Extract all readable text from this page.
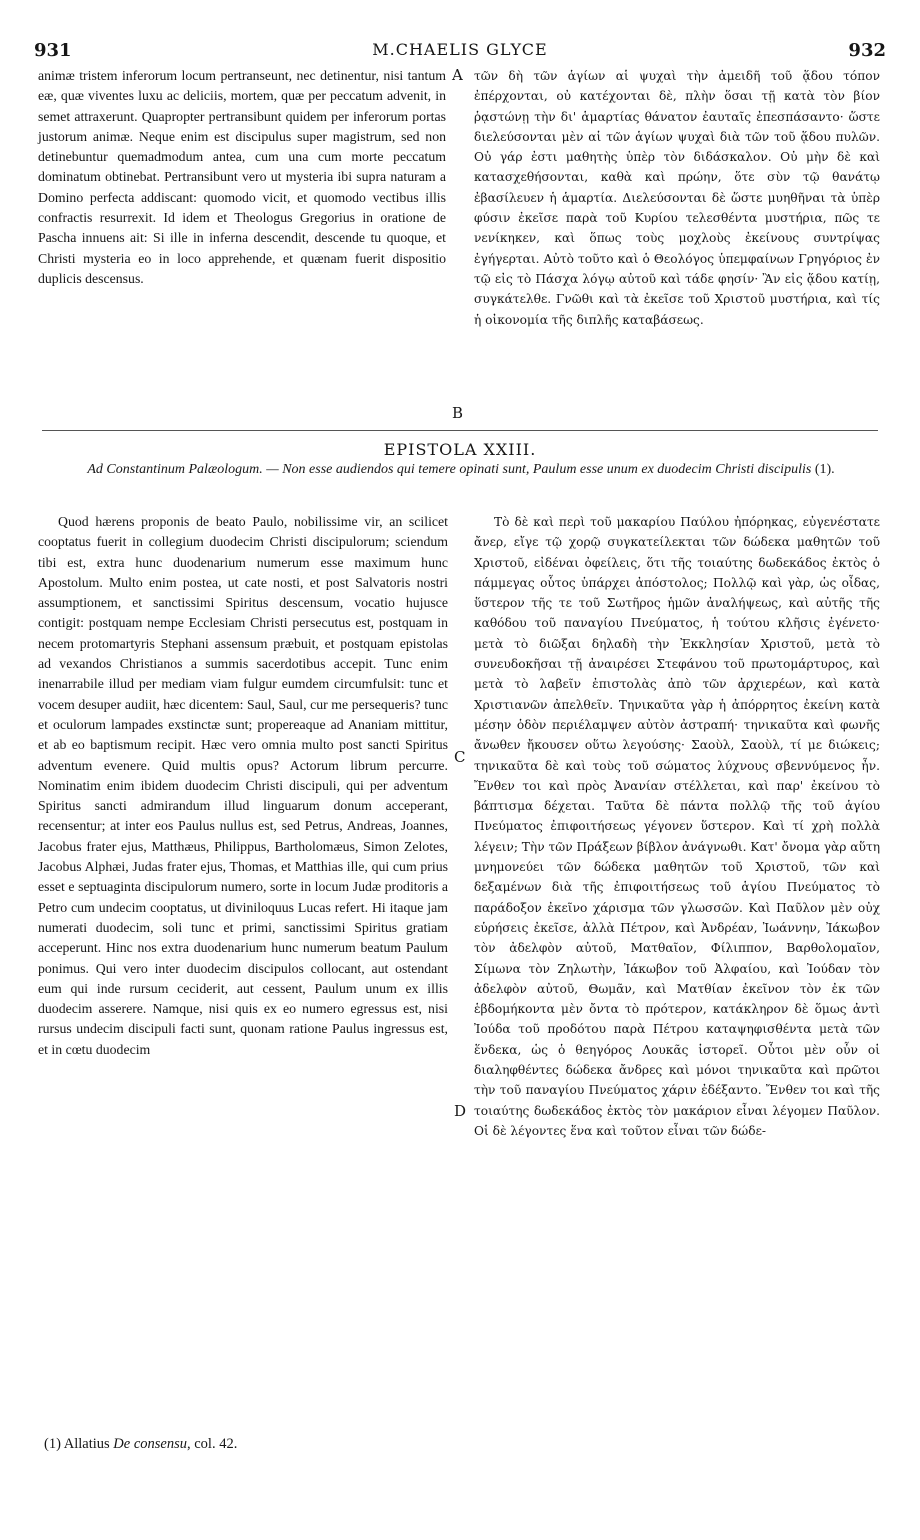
931	M.CHAELIS GLYCE	932

animæ tristem inferorum locum pertranseunt, nec detinentur, nisi tantum eæ, quæ viventes luxu ac deliciis, mortem, quæ per peccatum advenit, in semet attraxerunt. Quapropter pertransibunt quidem per inferorum portas justorum animæ. Neque enim est discipulus super magistrum, sed non detinebuntur quemadmodum antea, cum una cum morte peccatum dominatum obtinebat. Pertransibunt vero ut mysteria ibi supra naturam a Domino perfecta addiscant: quomodo vicit, et quomodo vectibus illis confractis resurrexit. Id idem et Theologus Gregorius in oratione de Pascha innuens ait: Si ille in inferna descendit, descende tu quoque, et Christi mysteria eo in loco apprehende, et quænam fuerit dispositio duplicis descensus.

A τῶν δὴ τῶν ἁγίων αἱ ψυχαὶ τὴν ἀμειδῆ τοῦ ᾅδου τόπον ἐπέρχονται, οὐ κατέχονται δὲ, πλὴν ὅσαι τῇ κατὰ τὸν βίον ῥᾳστώνῃ τὴν δι' ἁμαρτίας θάνατον ἐαυταῖς ἐπεσπάσαντο· ὥστε διελεύσονται μὲν αἱ τῶν ἁγίων ψυχαὶ διὰ τῶν τοῦ ᾅδου πυλῶν. Οὐ γάρ ἐστι μαθητὴς ὑπὲρ τὸν διδάσκαλον. Οὐ μὴν δὲ καὶ κατασχεθήσονται, καθὰ καὶ πρώην, ὅτε σὺν τῷ θανάτῳ ἐβασίλευεν ἡ ἁμαρτία. Διελεύσονται δὲ ὥστε μυηθῆναι τὰ ὑπὲρ φύσιν ἐκεῖσε παρὰ τοῦ Κυρίου τελεσθέντα μυστήρια, πῶς τε νενίκηκεν, καὶ ὅπως τοὺς μοχλοὺς ἐκείνους συντρίψας ἐγήγερται. Αὐτὸ τοῦτο καὶ ὁ Θεολόγος ὑπεμφαίνων Γρηγόριος ἐν τῷ εἰς τὸ Πάσχα λόγῳ αὐτοῦ καὶ τάδε φησίν· Ἂν εἰς ᾅδου κατίῃ, συγκάτελθε. Γνῶθι καὶ τὰ ἐκεῖσε τοῦ Χριστοῦ μυστήρια, καὶ τίς ἡ οἰκονομία τῆς διπλῆς καταβάσεως.

B
EPISTOLA XXIII.
Ad Constantinum Palæologum. — Non esse audiendos qui temere opinati sunt, Paulum esse unum ex duodecim Christi discipulis (1).

Quod hærens proponis de beato Paulo, nobilissime vir, an scilicet cooptatus fuerit in collegium duodecim Christi discipulorum; sciendum tibi est, extra hunc duodenarium numerum esse maximum hunc Apostolum. Multo enim postea, ut cate nosti, et post Salvatoris nostri assumptionem, et sanctissimi Spiritus descensum, vocatio hujusce contigit: postquam nempe Ecclesiam Christi persecutus est, postquam in necem protomartyris Stephani assensum præbuit, et postquam epistolas ad vexandos Christianos a summis sacerdotibus accepit. Tunc enim inenarrabile illud per mediam viam fulgur eumdem circumfulsit: tunc et vocem desuper audiit, hæc dicentem: Saul, Saul, cur me persequeris? tunc et oculorum lampades exstinctæ sunt; propereaque ad Ananiam mittitur, et ab eo baptismum recipit. Hæc vero omnia multo post sancti Spiritus adventum evenere. Quid multis opus? Actorum librum percurre. Nominatim enim ibidem duodecim Christi discipuli, qui per adventum Spiritus sancti admirandum illud linguarum donum acceperant, recensentur; at inter eos Paulus nullus est, sed Petrus, Andreas, Joannes, Jacobus frater ejus, Matthæus, Philippus, Bartholomæus, Simon Zelotes, Jacobus Alphæi, Judas frater ejus, Thomas, et Matthias ille, qui cum prius esset e septuaginta discipulorum numero, sorte in locum Judæ proditoris a Petro cum undecim cooptatus, ut diviniloquus Lucas refert. Hi itaque jam numerati duodecim, soli tunc et primi, sanctissimi Spiritus gratiam acceperunt. Hinc nos extra duodenarium hunc numerum beatum Paulum ponimus. Qui vero inter duodecim discipulos collocant, aut ostendant eum qui inde rursum ceciderit, aut cessent, Paulum unum ex illis duodecim asserere. Namque, nisi quis ex eo numero egressus est, nisi rursus undecim discipuli facti sunt, quonam ratione Paulus ingressus est, et in cœtu duodecim

C

Τὸ δὲ καὶ περὶ τοῦ μακαρίου Παύλου ἠπόρηκας, εὐγενέστατε ἄνερ, εἴγε τῷ χορῷ συγκατείλεκται τῶν δώδεκα μαθητῶν τοῦ Χριστοῦ, εἰδέναι ὀφείλεις, ὅτι τῆς τοιαύτης δωδεκάδος ἐκτὸς ὁ πάμμεγας οὗτος ὑπάρχει ἀπόστολος; Πολλῷ καὶ γὰρ, ὡς οἶδας, ὕστερον τῆς τε τοῦ Σωτῆρος ἡμῶν ἀναλήψεως, καὶ αὐτῆς τῆς καθόδου τοῦ παναγίου Πνεύματος, ἡ τούτου κλῆσις ἐγένετο· μετὰ τὸ διῶξαι δηλαδὴ τὴν Ἐκκλησίαν Χριστοῦ, μετὰ τὸ συνευδοκῆσαι τῇ ἀναιρέσει Στεφάνου τοῦ πρωτομάρτυρος, καὶ μετὰ τὸ λαβεῖν ἐπιστολὰς ἀπὸ τῶν ἀρχιερέων, καὶ κατὰ Χριστιανῶν ἀπελθεῖν. Τηνικαῦτα γὰρ ἡ ἀπόρρητος ἐκείνη κατὰ μέσην ὁδὸν περιέλαμψεν αὐτὸν ἀστραπή· τηνικαῦτα καὶ φωνῆς ἄνωθεν ἤκουσεν οὕτω λεγούσης· Σαοὺλ, Σαοὺλ, τί με διώκεις; τηνικαῦτα δὲ καὶ τοὺς τοῦ σώματος λύχνους σβεννύμενος ἦν. Ἔνθεν τοι καὶ πρὸς Ἀνανίαν στέλλεται, καὶ παρ' ἐκείνου τὸ βάπτισμα δέχεται. Ταῦτα δὲ πάντα πολλῷ τῆς τοῦ ἁγίου Πνεύματος ἐπιφοιτήσεως γέγονεν ὕστερον. Καὶ τί χρὴ πολλὰ λέγειν; Τὴν τῶν Πράξεων βίβλον ἀνάγνωθι. Κατ' ὄνομα γὰρ αὕτη μνημονεύει τῶν δώδεκα μαθητῶν τοῦ Χριστοῦ, τῶν καὶ δεξαμένων διὰ τῆς ἐπιφοιτήσεως τοῦ ἁγίου Πνεύματος τὸ παράδοξον ἐκεῖνο χάρισμα τῶν γλωσσῶν. Καὶ Παῦλον μὲν οὐχ εὑρήσεις ἐκεῖσε, ἀλλὰ Πέτρον, καὶ Ἀνδρέαν, Ἰωάννην, Ἰάκωβον τὸν ἀδελφὸν αὐτοῦ, Ματθαῖον, Φίλιππον, Βαρθολομαῖον, Σίμωνα τὸν Ζηλωτὴν, Ἰάκωβον τοῦ Ἀλφαίου, καὶ Ἰούδαν τὸν ἀδελφὸν αὐτοῦ, Θωμᾶν, καὶ Ματθίαν ἐκεῖνον τὸν ἐκ τῶν ἑβδομήκοντα μὲν ὄντα τὸ πρότερον, κατάκληρον δὲ ὅμως ἀντὶ Ἰούδα τοῦ προδότου παρὰ Πέτρου καταψηφισθέντα μετὰ τῶν ἕνδεκα, ὡς ὁ θεηγόρος Λουκᾶς ἱστορεῖ. Οὗτοι μὲν οὖν οἱ διαληφθέντες δώδεκα ἄνδρες καὶ μόνοι τηνικαῦτα καὶ πρῶτοι τὴν τοῦ παναγίου Πνεύματος χάριν ἐδέξαντο. Ἔνθεν τοι καὶ τῆς τοιαύτης δωδεκάδος ἐκτὸς τὸν μακάριον εἶναι λέγομεν Παῦλον. Οἱ δὲ λέγοντες ἕνα καὶ τοῦτον εἶναι τῶν δώδε-

D
(1) Allatius De consensu, col. 42.
